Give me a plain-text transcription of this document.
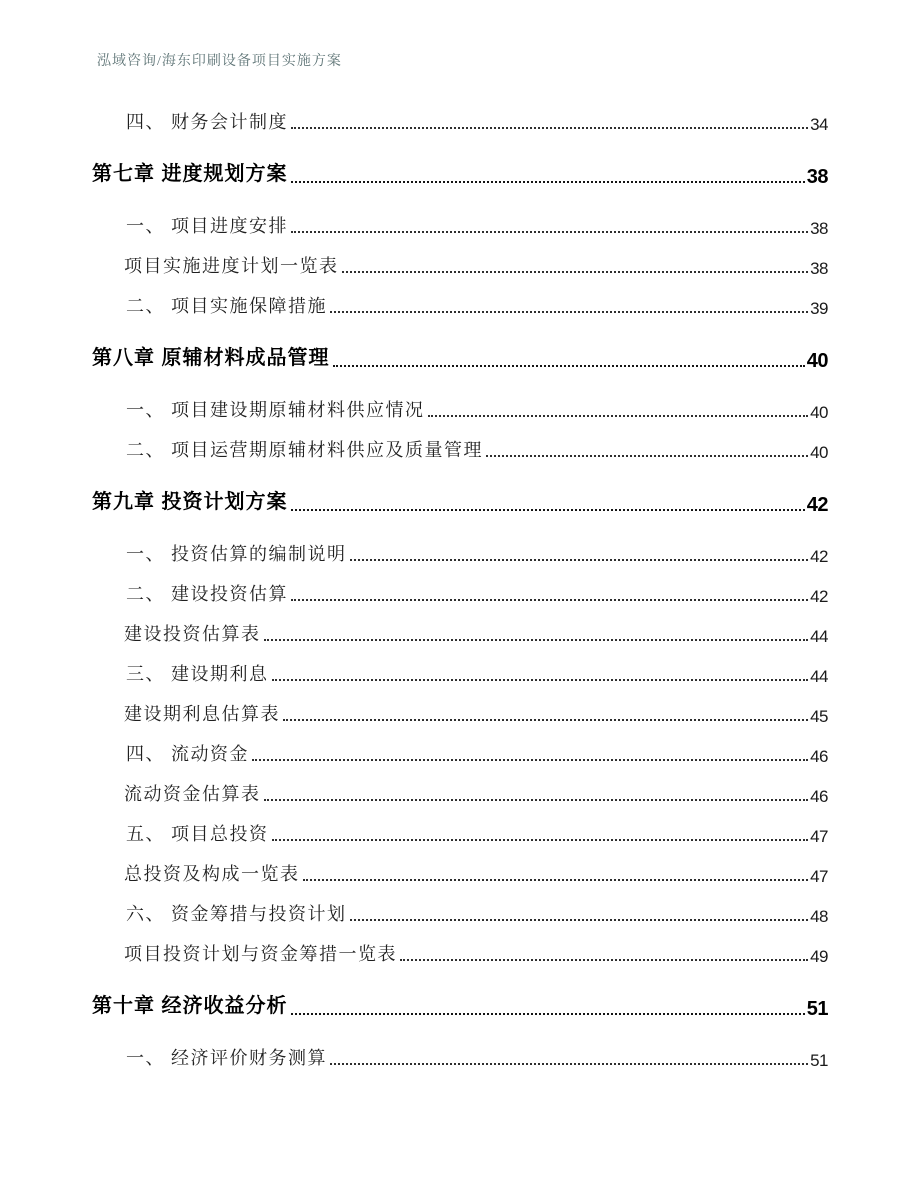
泓域咨询/海东印刷设备项目实施方案
四、 财务会计制度	34
第七章 进度规划方案	38
一、 项目进度安排	38
项目实施进度计划一览表	38
二、 项目实施保障措施	39
第八章 原辅材料成品管理	40
一、 项目建设期原辅材料供应情况	40
二、 项目运营期原辅材料供应及质量管理	40
第九章 投资计划方案	42
一、 投资估算的编制说明	42
二、 建设投资估算	42
建设投资估算表	44
三、 建设期利息	44
建设期利息估算表	45
四、 流动资金	46
流动资金估算表	46
五、 项目总投资	47
总投资及构成一览表	47
六、 资金筹措与投资计划	48
项目投资计划与资金筹措一览表	49
第十章 经济收益分析	51
一、 经济评价财务测算	51
